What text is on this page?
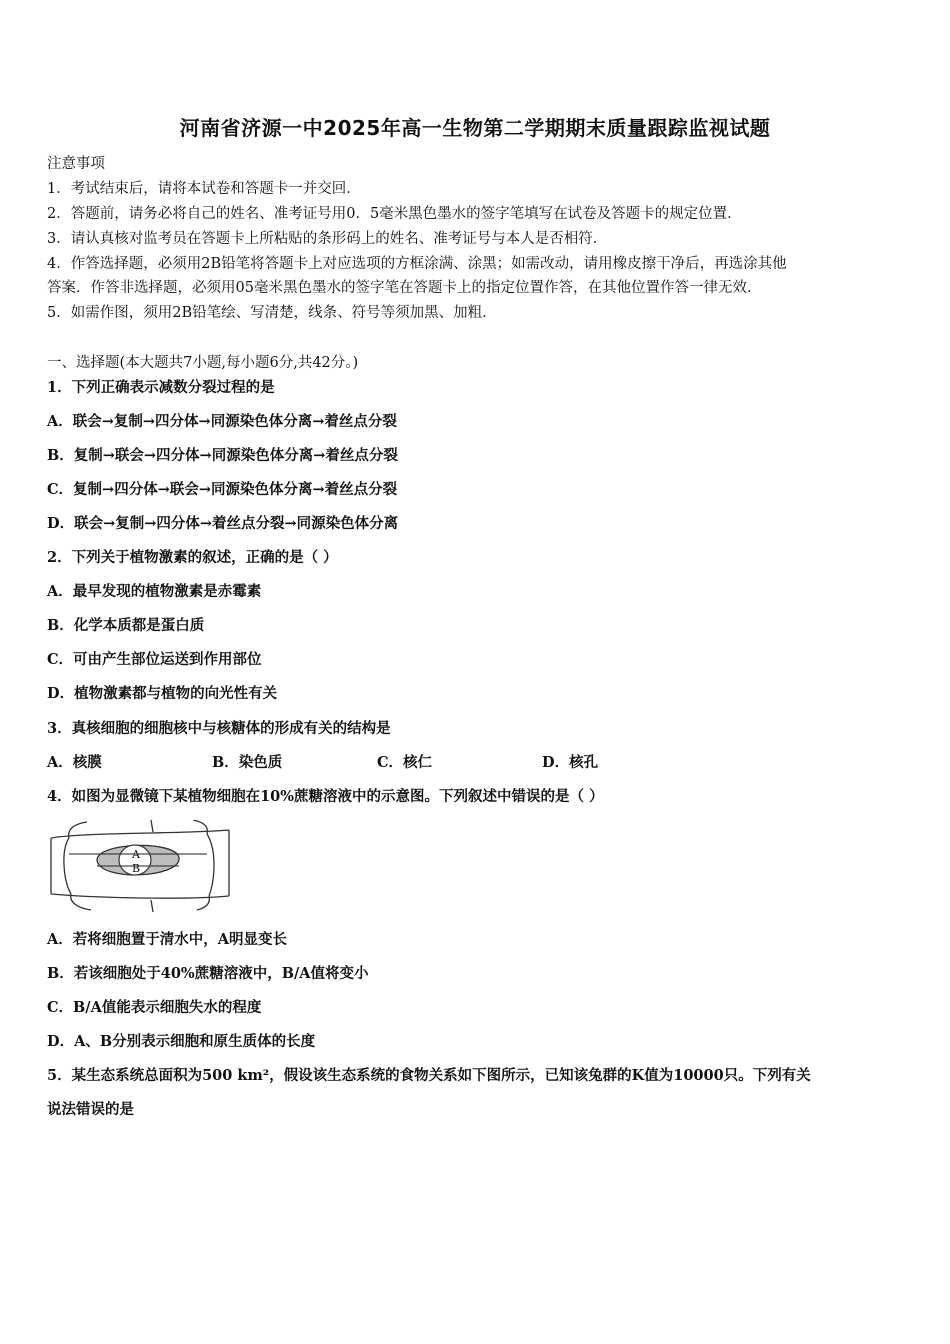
河南省济源一中2025年高一生物第二学期期末质量跟踪监视试题
注意事项
1．考试结束后，请将本试卷和答题卡一并交回．
2．答题前，请务必将自己的姓名、准考证号用0．5毫米黑色墨水的签字笔填写在试卷及答题卡的规定位置．
3．请认真核对监考员在答题卡上所粘贴的条形码上的姓名、准考证号与本人是否相符．
4．作答选择题，必须用2B铅笔将答题卡上对应选项的方框涂满、涂黑；如需改动，请用橡皮擦干净后，再选涂其他
答案．作答非选择题，必须用05毫米黑色墨水的签字笔在答题卡上的指定位置作答，在其他位置作答一律无效．
5．如需作图，须用2B铅笔绘、写清楚，线条、符号等须加黑、加粗．
一、选择题(本大题共7小题,每小题6分,共42分。)
1．下列正确表示减数分裂过程的是
A．联会→复制→四分体→同源染色体分离→着丝点分裂
B．复制→联会→四分体→同源染色体分离→着丝点分裂
C．复制→四分体→联会→同源染色体分离→着丝点分裂
D．联会→复制→四分体→着丝点分裂→同源染色体分离
2．下列关于植物激素的叙述，正确的是（ ）
A．最早发现的植物激素是赤霉素
B．化学本质都是蛋白质
C．可由产生部位运送到作用部位
D．植物激素都与植物的向光性有关
3．真核细胞的细胞核中与核糖体的形成有关的结构是
A．核膜	B．染色质	C．核仁	D．核孔
4．如图为显微镜下某植物细胞在10%蔗糖溶液中的示意图。下列叙述中错误的是（ ）
A
B
A．若将细胞置于清水中，A明显变长
B．若该细胞处于40%蔗糖溶液中，B/A值将变小
C．B/A值能表示细胞失水的程度
D．A、B分别表示细胞和原生质体的长度
5．某生态系统总面积为500 km²，假设该生态系统的食物关系如下图所示，已知该兔群的K值为10000只。下列有关
说法错误的是
